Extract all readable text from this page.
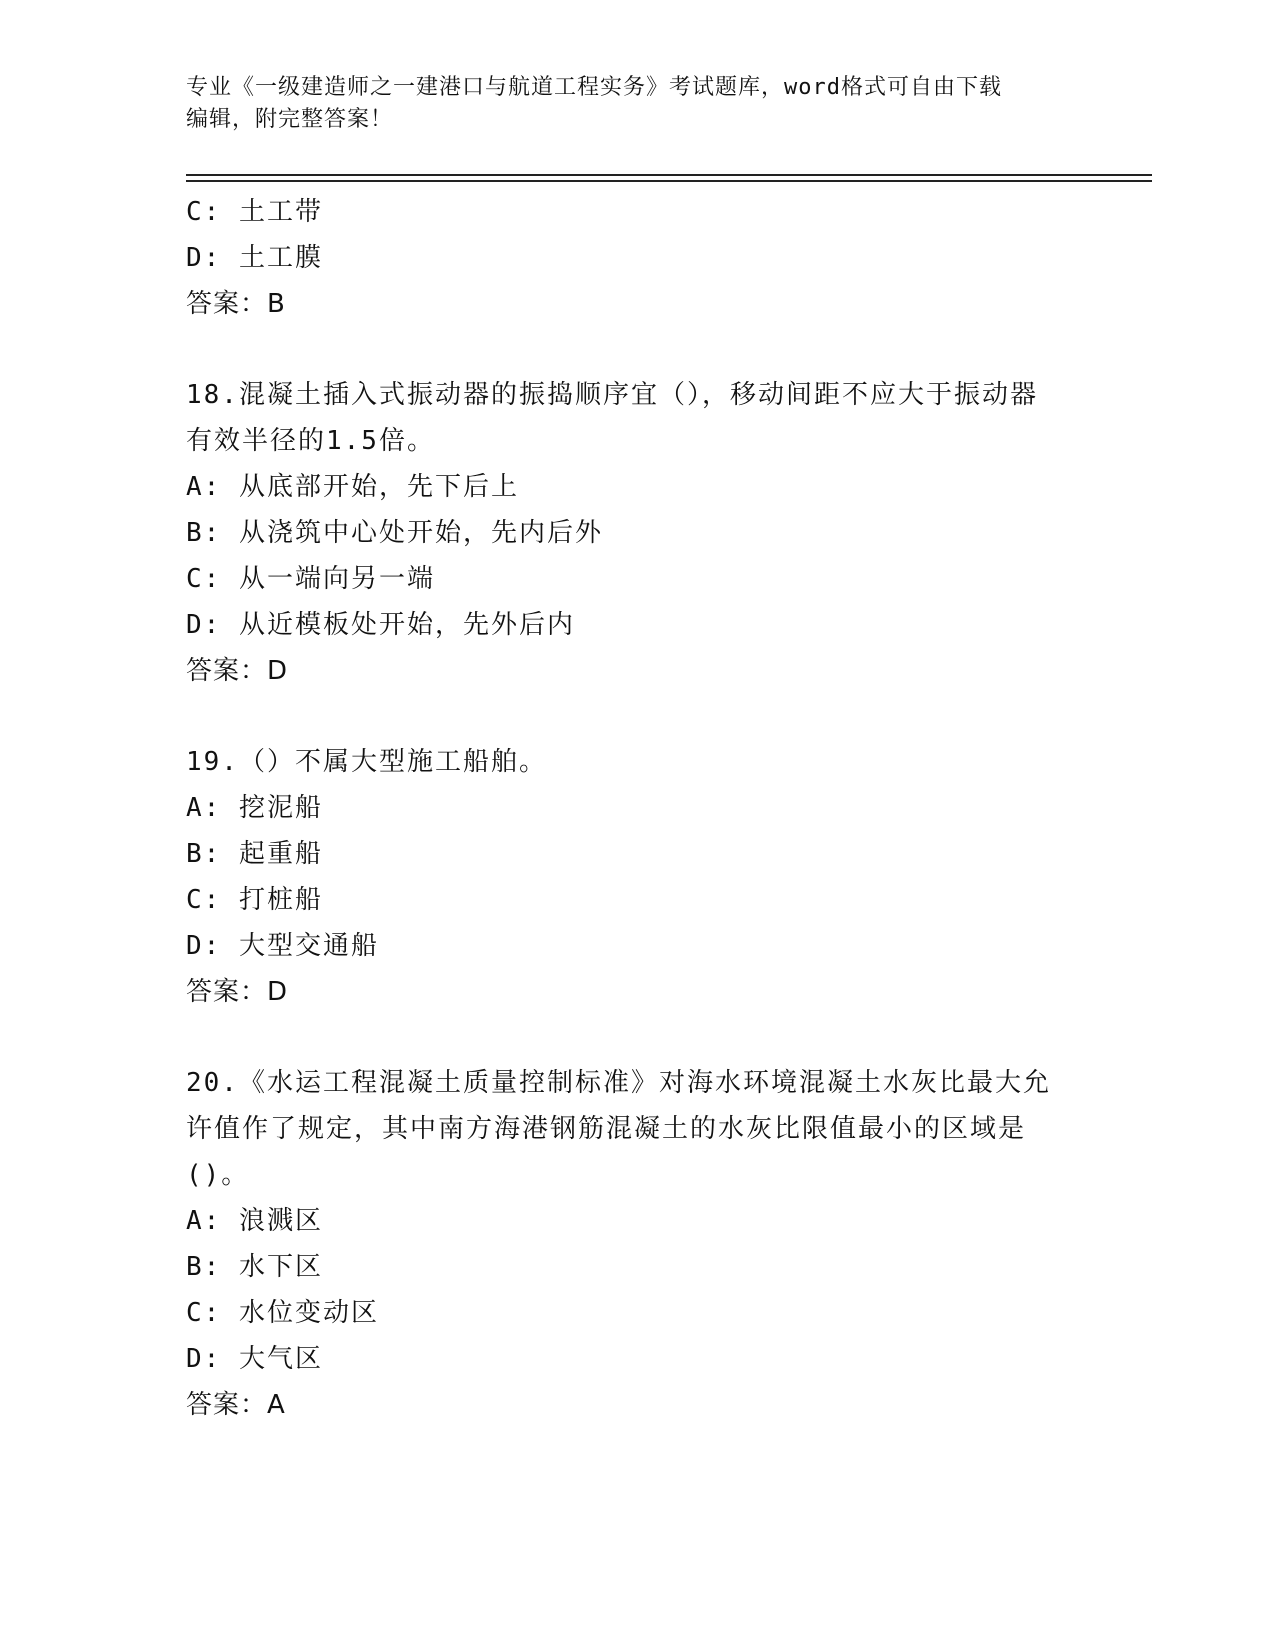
专业《一级建造师之一建港口与航道工程实务》考试题库，word格式可自由下载
编辑，附完整答案！
C: 土工带
D: 土工膜
答案：B
18.混凝土插入式振动器的振捣顺序宜（），移动间距不应大于振动器
有效半径的1.5倍。
A: 从底部开始，先下后上
B: 从浇筑中心处开始，先内后外
C: 从一端向另一端
D: 从近模板处开始，先外后内
答案：D
19.（）不属大型施工船舶。
A: 挖泥船
B: 起重船
C: 打桩船
D: 大型交通船
答案：D
20.《水运工程混凝土质量控制标准》对海水环境混凝土水灰比最大允
许值作了规定，其中南方海港钢筋混凝土的水灰比限值最小的区域是
()。
A: 浪溅区
B: 水下区
C: 水位变动区
D: 大气区
答案：A
